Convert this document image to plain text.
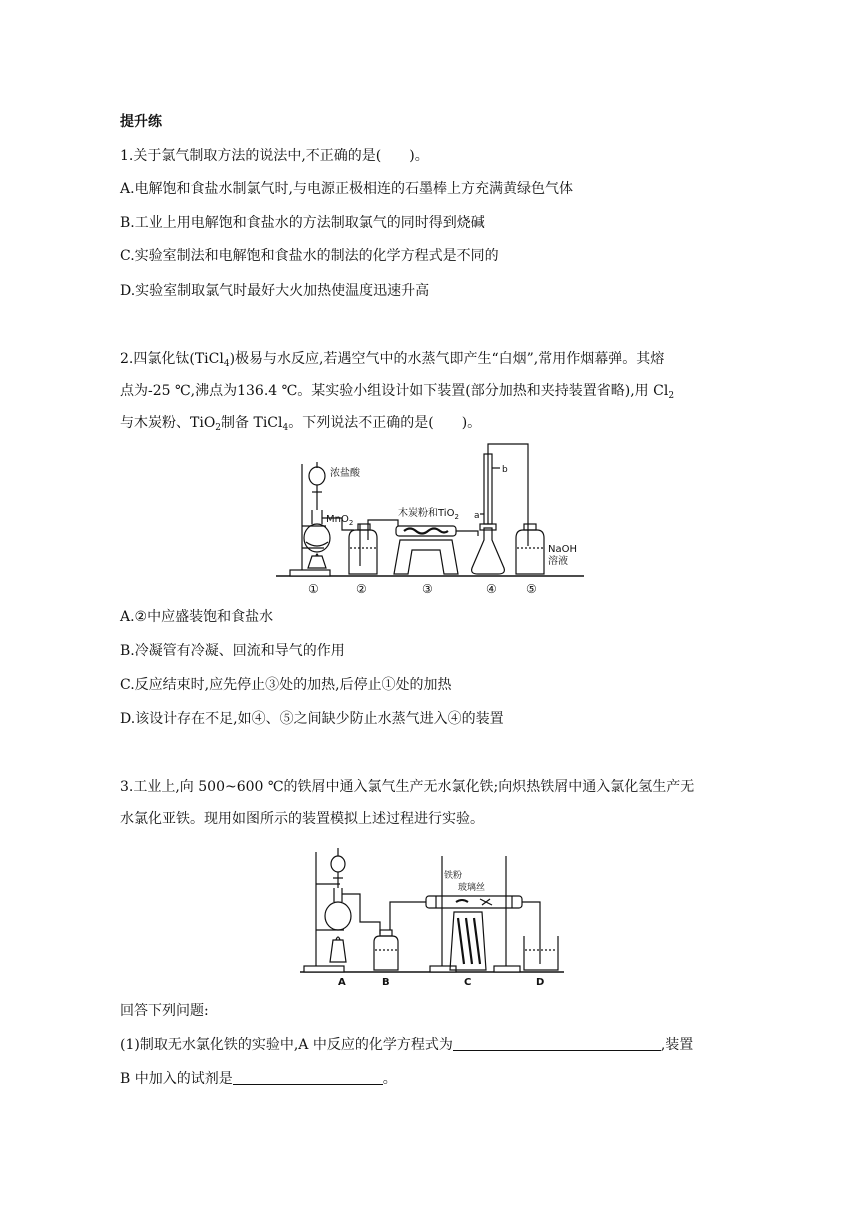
提升练
1.关于氯气制取方法的说法中,不正确的是(　　)。
A.电解饱和食盐水制氯气时,与电源正极相连的石墨棒上方充满黄绿色气体
B.工业上用电解饱和食盐水的方法制取氯气的同时得到烧碱
C.实验室制法和电解饱和食盐水的制法的化学方程式是不同的
D.实验室制取氯气时最好大火加热使温度迅速升高
2.四氯化钛(TiCl$_4$)极易与水反应,若遇空气中的水蒸气即产生“白烟”,常用作烟幕弹。其熔
点为-25 ℃,沸点为136.4 ℃。某实验小组设计如下装置(部分加热和夹持装置省略),用 $Cl_2$
与木炭粉、TiO$_2$制备 TiCl$_4$。下列说法不正确的是(　　)。
浓盐酸
MnO$_2$
木炭粉和TiO$_2$ a
b
NaOH
溶液
①	②	③	④ ⑤
A.②中应盛装饱和食盐水
B.冷凝管有冷凝、回流和导气的作用
C.反应结束时,应先停止③处的加热,后停止①处的加热
D.该设计存在不足,如④、⑤之间缺少防止水蒸气进入④的装置
3.工业上,向 500~600 ℃的铁屑中通入氯气生产无水氯化铁;向炽热铁屑中通入氯化氢生产无
水氯化亚铁。现用如图所示的装置模拟上述过程进行实验。
铁粉
玻璃丝
A	B	C	D
回答下列问题:
(1)制取无水氯化铁的实验中,A 中反应的化学方程式为	,装置
B 中加入的试剂是	。
